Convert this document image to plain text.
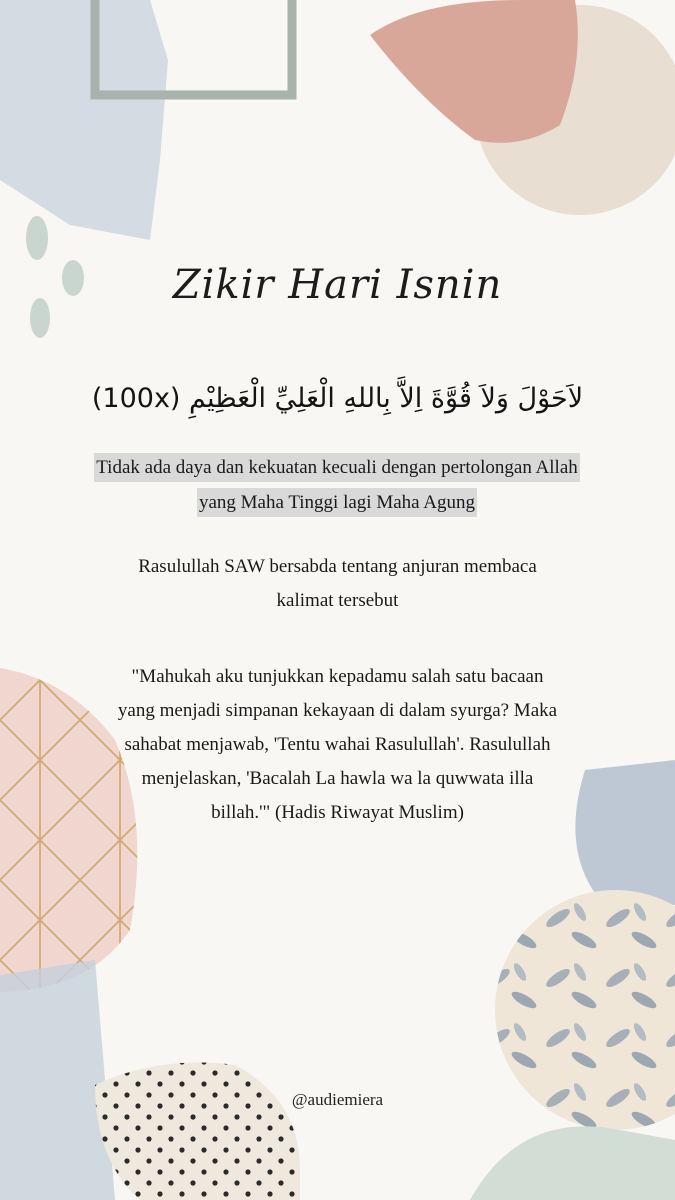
Zikir Hari Isnin
لاَحَوْلَ وَلاَ قُوَّةَ اِلاَّ بِاللهِ الْعَلِيِّ الْعَظِيْمِ (100x)
Tidak ada daya dan kekuatan kecuali dengan pertolongan Allah
yang Maha Tinggi lagi Maha Agung
Rasulullah SAW bersabda tentang anjuran membaca
kalimat tersebut
"Mahukah aku tunjukkan kepadamu salah satu bacaan
yang menjadi simpanan kekayaan di dalam syurga? Maka
sahabat menjawab, 'Tentu wahai Rasulullah'. Rasulullah
menjelaskan, 'Bacalah La hawla wa la quwwata illa
billah.'" (Hadis Riwayat Muslim)
@audiemiera
